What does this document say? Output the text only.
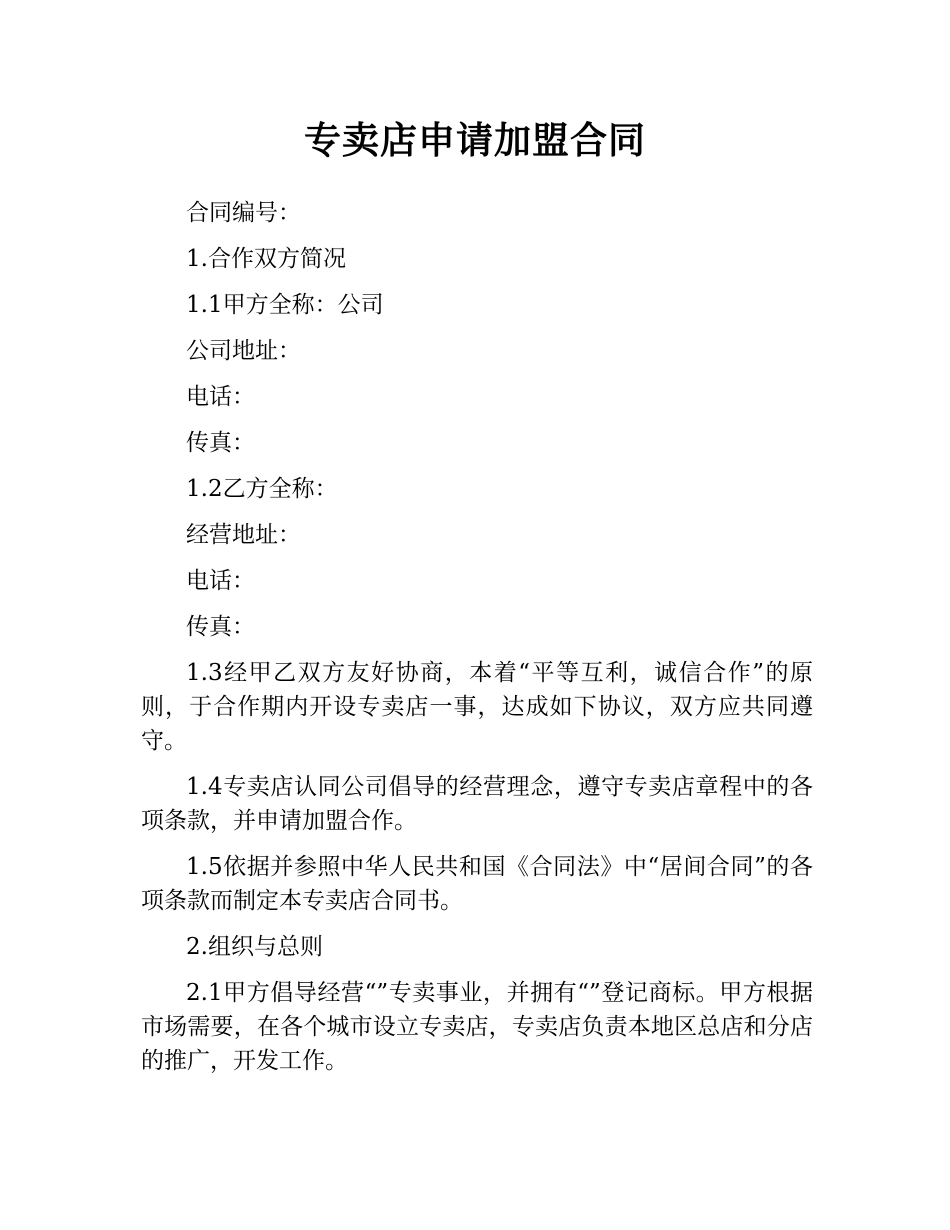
专卖店申请加盟合同

合同编号：

1.合作双方简况

1.1甲方全称：公司

公司地址：

电话：

传真：

1.2乙方全称：

经营地址：

电话：

传真：

1.3经甲乙双方友好协商，本着“平等互利，诚信合作”的原则，于合作期内开设专卖店一事，达成如下协议，双方应共同遵守。

1.4专卖店认同公司倡导的经营理念，遵守专卖店章程中的各项条款，并申请加盟合作。

1.5依据并参照中华人民共和国《合同法》中“居间合同”的各项条款而制定本专卖店合同书。

2.组织与总则

2.1甲方倡导经营“”专卖事业，并拥有“”登记商标。甲方根据市场需要，在各个城市设立专卖店，专卖店负责本地区总店和分店的推广，开发工作。
